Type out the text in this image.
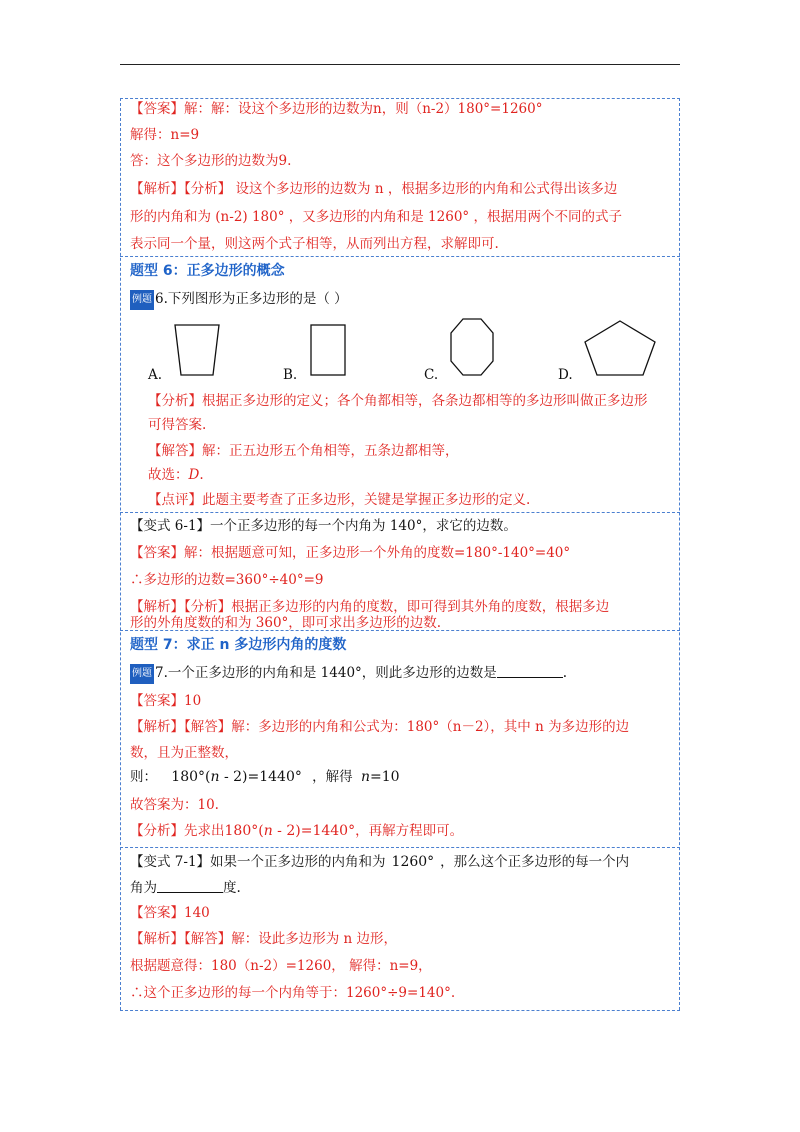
【答案】解：解：设这个多边形的边数为n，则（n-2）180°=1260°
解得：n=9
答：这个多边形的边数为9.
【解析】【分析】 设这个多边形的边数为 n ，根据多边形的内角和公式得出该多边
形的内角和为 (n-2) 180° ，又多边形的内角和是 1260° ，根据用两个不同的式子
表示同一个量，则这两个式子相等，从而列出方程，求解即可.
题型 6：正多边形的概念
例题 6.下列图形为正多边形的是（ ）
A.	B.	C.	D.
【分析】根据正多边形的定义；各个角都相等，各条边都相等的多边形叫做正多边形
可得答案.
【解答】解：正五边形五个角相等，五条边都相等，
故选：D.
【点评】此题主要考查了正多边形，关键是掌握正多边形的定义.
【变式 6-1】一个正多边形的每一个内角为 140°，求它的边数。
【答案】解：根据题意可知，正多边形一个外角的度数=180°-140°=40°
∴多边形的边数=360°÷40°=9
【解析】【分析】根据正多边形的内角的度数，即可得到其外角的度数，根据多边
形的外角度数的和为 360°，即可求出多边形的边数.
题型 7：求正 n 多边形内角的度数
例题 7.一个正多边形的内角和是 1440°，则此多边形的边数是	.
【答案】10
【解析】【解答】解：多边形的内角和公式为：180°（n－2），其中 n 为多边形的边
数，且为正整数，
则： 180°(n - 2)=1440° ，解得 n=10
故答案为：10.
【分析】先求出180°(n - 2)=1440°，再解方程即可。
【变式 7-1】如果一个正多边形的内角和为 1260° ，那么这个正多边形的每一个内
角为	度.
【答案】140
【解析】【解答】解：设此多边形为 n 边形，
根据题意得：180（n-2）=1260， 解得：n=9，
∴这个正多边形的每一个内角等于：1260°÷9=140°.
